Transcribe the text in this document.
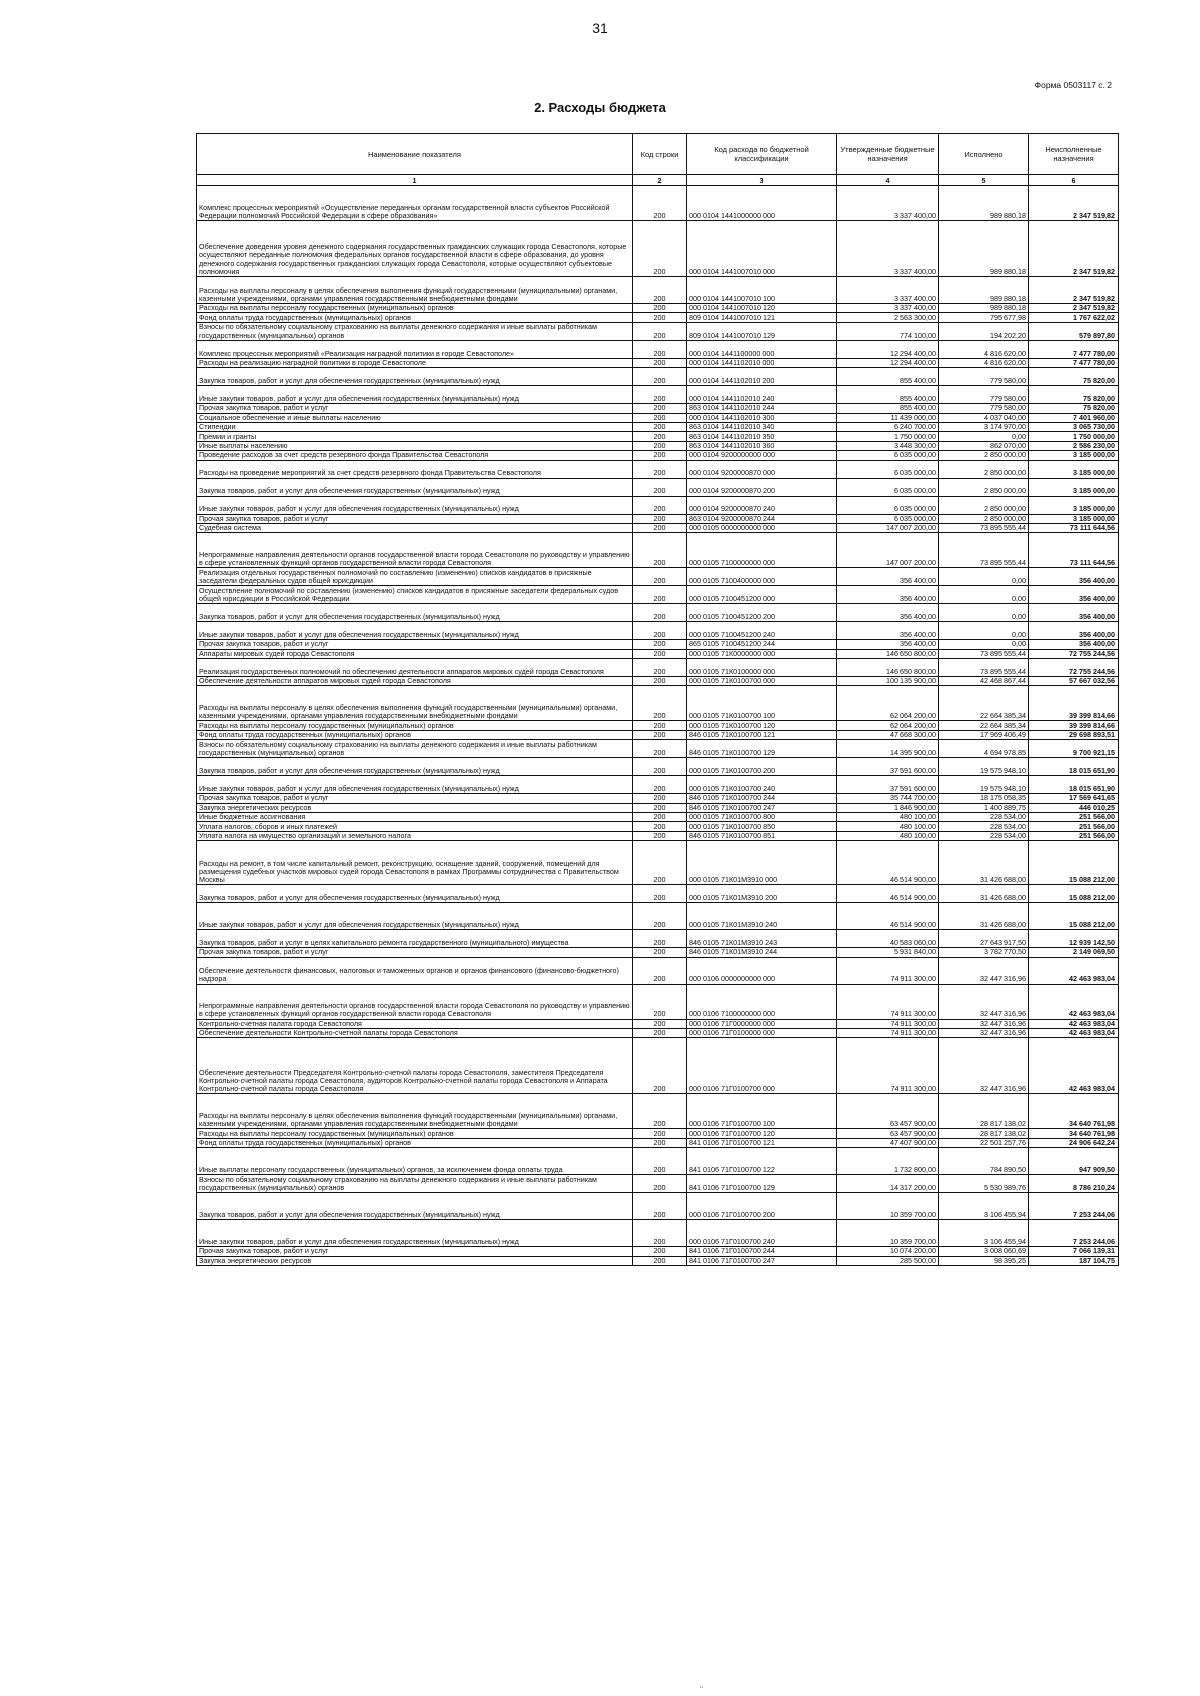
31
Форма 0503117 с. 2
2. Расходы бюджета
Наименование показателя	Код строки	Код расхода по бюджетной классификации	Утвержденные бюджетные назначения	Исполнено	Неисполненные назначения
1	2	3	4	5	6
Комплекс процессных мероприятий «Осуществление переданных органам государственной власти субъектов Российской Федерации полномочий Российской Федерации в сфере образования»	200	000 0104 1441000000 000	3 337 400,00	989 880,18	2 347 519,82
Обеспечение доведения уровня денежного содержания государственных гражданских служащих города Севастополя, которые осуществляют переданные полномочия федеральных органов государственной власти в сфере образования, до уровня денежного содержания государственных гражданских служащих города Севастополя, которые осуществляют субъектовые полномочия	200	000 0104 1441007010 000	3 337 400,00	989 880,18	2 347 519,82
Расходы на выплаты персоналу в целях обеспечения выполнения функций государственными (муниципальными) органами, казенными учреждениями, органами управления государственными внебюджетными фондами	200	000 0104 1441007010 100	3 337 400,00	989 880,18	2 347 519,82
Расходы на выплаты персоналу государственных (муниципальных) органов	200	000 0104 1441007010 120	3 337 400,00	989 880,18	2 347 519,82
Фонд оплаты труда государственных (муниципальных) органов	200	809 0104 1441007010 121	2 563 300,00	795 677,98	1 767 622,02
Взносы по обязательному социальному страхованию на выплаты денежного содержания и иные выплаты работникам государственных (муниципальных) органов	200	809 0104 1441007010 129	774 100,00	194 202,20	579 897,80
Комплекс процессных мероприятий «Реализация наградной политики в городе Севастополе»	200	000 0104 1441100000 000	12 294 400,00	4 816 620,00	7 477 780,00
Расходы на реализацию наградной политики в городе Севастополе	200	000 0104 1441102010 000	12 294 400,00	4 816 620,00	7 477 780,00
Закупка товаров, работ и услуг для обеспечения государственных (муниципальных) нужд	200	000 0104 1441102010 200	855 400,00	779 580,00	75 820,00
Иные закупки товаров, работ и услуг для обеспечения государственных (муниципальных) нужд	200	000 0104 1441102010 240	855 400,00	779 580,00	75 820,00
Прочая закупка товаров, работ и услуг	200	863 0104 1441102010 244	855 400,00	779 580,00	75 820,00
Социальное обеспечение и иные выплаты населению	200	000 0104 1441102010 300	11 439 000,00	4 037 040,00	7 401 960,00
Стипендии	200	863 0104 1441102010 340	6 240 700,00	3 174 970,00	3 065 730,00
Премии и гранты	200	863 0104 1441102010 350	1 750 000,00	0,00	1 750 000,00
Иные выплаты населению	200	863 0104 1441102010 360	3 448 300,00	862 070,00	2 586 230,00
Проведение расходов за счет средств резервного фонда Правительства Севастополя	200	000 0104 9200000000 000	6 035 000,00	2 850 000,00	3 185 000,00
Расходы на проведение мероприятий за счет средств резервного фонда Правительства Севастополя	200	000 0104 9200000870 000	6 035 000,00	2 850 000,00	3 185 000,00
Закупка товаров, работ и услуг для обеспечения государственных (муниципальных) нужд	200	000 0104 9200000870 200	6 035 000,00	2 850 000,00	3 185 000,00
Иные закупки товаров, работ и услуг для обеспечения государственных (муниципальных) нужд	200	000 0104 9200000870 240	6 035 000,00	2 850 000,00	3 185 000,00
Прочая закупка товаров, работ и услуг	200	863 0104 9200000870 244	6 035 000,00	2 850 000,00	3 185 000,00
Судебная система	200	000 0105 0000000000 000	147 007 200,00	73 895 555,44	73 111 644,56
Непрограммные направления деятельности органов государственной власти города Севастополя по руководству и управлению в сфере установленных функций органов государственной власти города Севастополя	200	000 0105 7100000000 000	147 007 200,00	73 895 555,44	73 111 644,56
Реализация отдельных государственных полномочий по составлению (изменению) списков кандидатов в присяжные заседатели федеральных судов общей юрисдикции	200	000 0105 7100400000 000	356 400,00	0,00	356 400,00
Осуществление полномочий по составлению (изменению) списков кандидатов в присяжные заседатели федеральных судов общей юрисдикции в Российской Федерации	200	000 0105 7100451200 000	356 400,00	0,00	356 400,00
Закупка товаров, работ и услуг для обеспечения государственных (муниципальных) нужд	200	000 0105 7100451200 200	356 400,00	0,00	356 400,00
Иные закупки товаров, работ и услуг для обеспечения государственных (муниципальных) нужд	200	000 0105 7100451200 240	356 400,00	0,00	356 400,00
Прочая закупка товаров, работ и услуг	200	865 0105 7100451200 244	356 400,00	0,00	356 400,00
Аппараты мировых судей города Севастополя	200	000 0105 71К0000000 000	146 650 800,00	73 895 555,44	72 755 244,56
Реализация государственных полномочий по обеспечению деятельности аппаратов мировых судей города Севастополя	200	000 0105 71К0100000 000	146 650 800,00	73 895 555,44	72 755 244,56
Обеспечение деятельности аппаратов мировых судей города Севастополя	200	000 0105 71К0100700 000	100 135 900,00	42 468 867,44	57 667 032,56
Расходы на выплаты персоналу в целях обеспечения выполнения функций государственными (муниципальными) органами, казенными учреждениями, органами управления государственными внебюджетными фондами	200	000 0105 71К0100700 100	62 064 200,00	22 664 385,34	39 399 814,66
Расходы на выплаты персоналу государственных (муниципальных) органов	200	000 0105 71К0100700 120	62 064 200,00	22 664 385,34	39 399 814,66
Фонд оплаты труда государственных (муниципальных) органов	200	846 0105 71К0100700 121	47 668 300,00	17 969 406,49	29 698 893,51
Взносы по обязательному социальному страхованию на выплаты денежного содержания и иные выплаты работникам государственных (муниципальных) органов	200	846 0105 71К0100700 129	14 395 900,00	4 694 978,85	9 700 921,15
Закупка товаров, работ и услуг для обеспечения государственных (муниципальных) нужд	200	000 0105 71К0100700 200	37 591 600,00	19 575 948,10	18 015 651,90
Иные закупки товаров, работ и услуг для обеспечения государственных (муниципальных) нужд	200	000 0105 71К0100700 240	37 591 600,00	19 575 948,10	18 015 651,90
Прочая закупка товаров, работ и услуг	200	846 0105 71К0100700 244	35 744 700,00	18 175 058,35	17 569 641,65
Закупка энергетических ресурсов	200	846 0105 71К0100700 247	1 846 900,00	1 400 889,75	446 010,25
Иные бюджетные ассигнования	200	000 0105 71К0100700 800	480 100,00	228 534,00	251 566,00
Уплата налогов, сборов и иных платежей	200	000 0105 71К0100700 850	480 100,00	228 534,00	251 566,00
Уплата налога на имущество организаций и земельного налога	200	846 0105 71К0100700 851	480 100,00	228 534,00	251 566,00
Расходы на ремонт, в том числе капитальный ремонт, реконструкцию, оснащение зданий, сооружений, помещений для размещения судебных участков мировых судей города Севастополя в рамках Программы сотрудничества с Правительством Москвы	200	000 0105 71К01М3910 000	46 514 900,00	31 426 688,00	15 088 212,00
Закупка товаров, работ и услуг для обеспечения государственных (муниципальных) нужд	200	000 0105 71К01М3910 200	46 514 900,00	31 426 688,00	15 088 212,00
Иные закупки товаров, работ и услуг для обеспечения государственных (муниципальных) нужд	200	000 0105 71К01М3910 240	46 514 900,00	31 426 688,00	15 088 212,00
Закупка товаров, работ и услуг в целях капитального ремонта государственного (муниципального) имущества	200	846 0105 71К01М3910 243	40 583 060,00	27 643 917,50	12 939 142,50
Прочая закупка товаров, работ и услуг	200	846 0105 71К01М3910 244	5 931 840,00	3 782 770,50	2 149 069,50
Обеспечение деятельности финансовых, налоговых и таможенных органов и органов финансового (финансово-бюджетного) надзора	200	000 0106 0000000000 000	74 911 300,00	32 447 316,96	42 463 983,04
Непрограммные направления деятельности органов государственной власти города Севастополя по руководству и управлению в сфере установленных функций органов государственной власти города Севастополя	200	000 0106 7100000000 000	74 911 300,00	32 447 316,96	42 463 983,04
Контрольно-счетная палата города Севастополя	200	000 0106 71Г0000000 000	74 911 300,00	32 447 316,96	42 463 983,04
Обеспечение деятельности Контрольно-счетной палаты города Севастополя	200	000 0106 71Г0100000 000	74 911 300,00	32 447 316,96	42 463 983,04
Обеспечение деятельности Председателя Контрольно-счетной палаты города Севастополя, заместителя Председателя Контрольно-счетной палаты города Севастополя, аудиторов Контрольно-счетной палаты города Севастополя и Аппарата Контрольно-счетной палаты города Севастополя	200	000 0106 71Г0100700 000	74 911 300,00	32 447 316,96	42 463 983,04
Расходы на выплаты персоналу в целях обеспечения выполнения функций государственными (муниципальными) органами, казенными учреждениями, органами управления государственными внебюджетными фондами	200	000 0106 71Г0100700 100	63 457 900,00	28 817 138,02	34 640 761,98
Расходы на выплаты персоналу государственных (муниципальных) органов	200	000 0106 71Г0100700 120	63 457 900,00	28 817 138,02	34 640 761,98
Фонд оплаты труда государственных (муниципальных) органов	200	841 0106 71Г0100700 121	47 407 900,00	22 501 257,76	24 906 642,24
Иные выплаты персоналу государственных (муниципальных) органов, за исключением фонда оплаты труда	200	841 0106 71Г0100700 122	1 732 800,00	784 890,50	947 909,50
Взносы по обязательному социальному страхованию на выплаты денежного содержания и иные выплаты работникам государственных (муниципальных) органов	200	841 0106 71Г0100700 129	14 317 200,00	5 530 989,76	8 786 210,24
Закупка товаров, работ и услуг для обеспечения государственных (муниципальных) нужд	200	000 0106 71Г0100700 200	10 359 700,00	3 106 455,94	7 253 244,06
Иные закупки товаров, работ и услуг для обеспечения государственных (муниципальных) нужд	200	000 0106 71Г0100700 240	10 359 700,00	3 106 455,94	7 253 244,06
Прочая закупка товаров, работ и услуг	200	841 0106 71Г0100700 244	10 074 200,00	3 008 060,69	7 066 139,31
Закупка энергетических ресурсов	200	841 0106 71Г0100700 247	285 500,00	98 395,25	187 104,75
¨
